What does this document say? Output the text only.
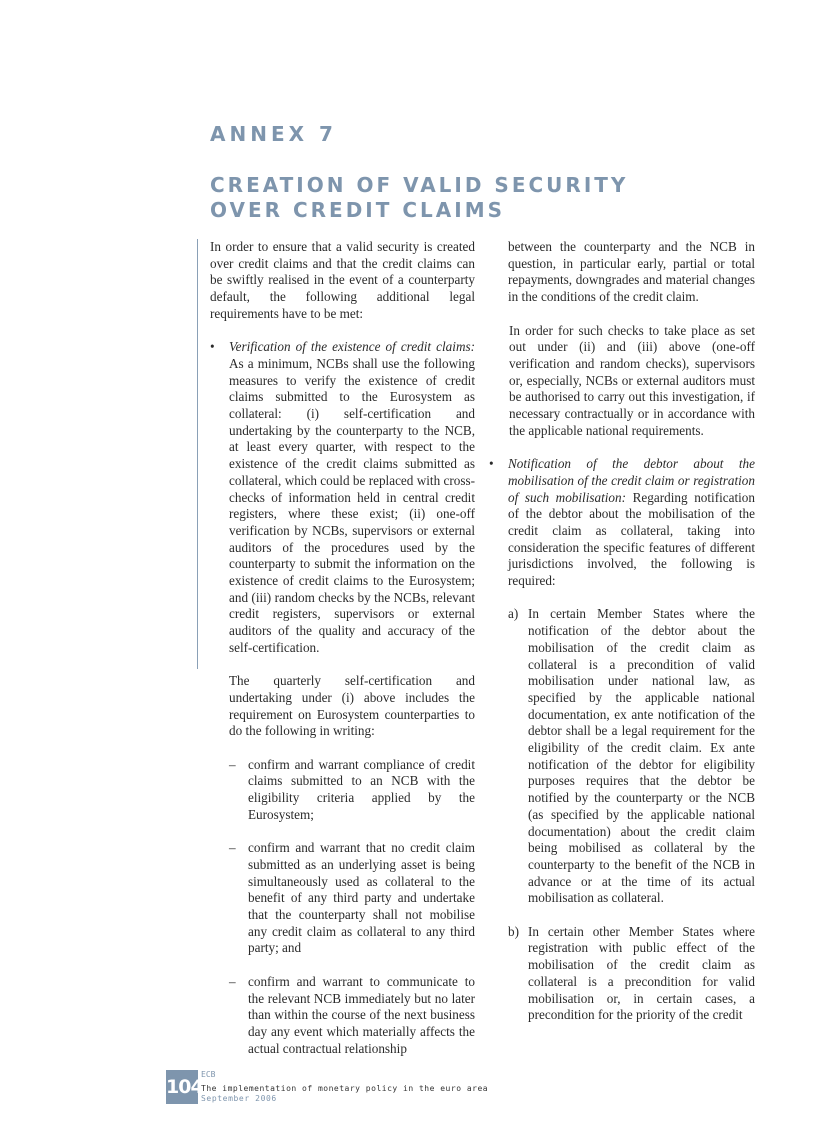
ANNEX 7
CREATION OF VALID SECURITY OVER CREDIT CLAIMS

In order to ensure that a valid security is created over credit claims and that the credit claims can be swiftly realised in the event of a counterparty default, the following additional legal requirements have to be met:

• Verification of the existence of credit claims: As a minimum, NCBs shall use the following measures to verify the existence of credit claims submitted to the Eurosystem as collateral: (i) self-certification and undertaking by the counterparty to the NCB, at least every quarter, with respect to the existence of the credit claims submitted as collateral, which could be replaced with cross-checks of information held in central credit registers, where these exist; (ii) one-off verification by NCBs, supervisors or external auditors of the procedures used by the counterparty to submit the information on the existence of credit claims to the Eurosystem; and (iii) random checks by the NCBs, relevant credit registers, supervisors or external auditors of the quality and accuracy of the self-certification.

The quarterly self-certification and undertaking under (i) above includes the requirement on Eurosystem counterparties to do the following in writing:

– confirm and warrant compliance of credit claims submitted to an NCB with the eligibility criteria applied by the Eurosystem;

– confirm and warrant that no credit claim submitted as an underlying asset is being simultaneously used as collateral to the benefit of any third party and undertake that the counterparty shall not mobilise any credit claim as collateral to any third party; and

– confirm and warrant to communicate to the relevant NCB immediately but no later than within the course of the next business day any event which materially affects the actual contractual relationship

between the counterparty and the NCB in question, in particular early, partial or total repayments, downgrades and material changes in the conditions of the credit claim.

In order for such checks to take place as set out under (ii) and (iii) above (one-off verification and random checks), supervisors or, especially, NCBs or external auditors must be authorised to carry out this investigation, if necessary contractually or in accordance with the applicable national requirements.

• Notification of the debtor about the mobilisation of the credit claim or registration of such mobilisation: Regarding notification of the debtor about the mobilisation of the credit claim as collateral, taking into consideration the specific features of different jurisdictions involved, the following is required:

a) In certain Member States where the notification of the debtor about the mobilisation of the credit claim as collateral is a precondition of valid mobilisation under national law, as specified by the applicable national documentation, ex ante notification of the debtor shall be a legal requirement for the eligibility of the credit claim. Ex ante notification of the debtor for eligibility purposes requires that the debtor be notified by the counterparty or the NCB (as specified by the applicable national documentation) about the credit claim being mobilised as collateral by the counterparty to the benefit of the NCB in advance or at the time of its actual mobilisation as collateral.

b) In certain other Member States where registration with public effect of the mobilisation of the credit claim as collateral is a precondition for valid mobilisation or, in certain cases, a precondition for the priority of the credit

104
ECB
The implementation of monetary policy in the euro area
September 2006
